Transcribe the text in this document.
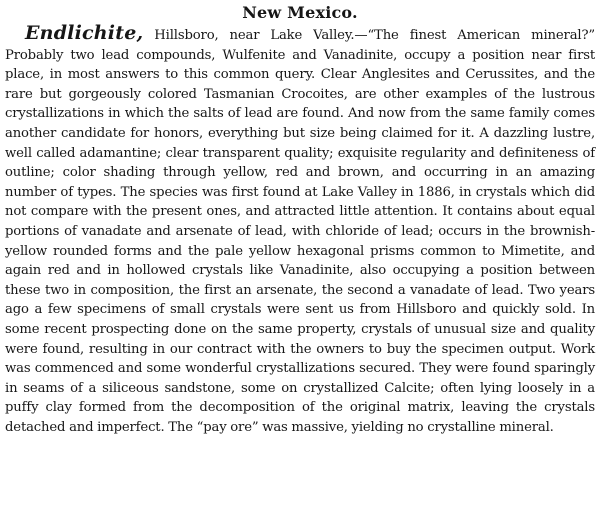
New Mexico.

Endlichite, Hillsboro, near Lake Valley.—“The finest American mineral?” Probably two lead compounds, Wulfenite and Vanadinite, occupy a position near first place, in most answers to this common query. Clear Anglesites and Cerussites, and the rare but gorgeously colored Tasmanian Crocoites, are other examples of the lustrous crystallizations in which the salts of lead are found. And now from the same family comes another candidate for honors, everything but size being claimed for it. A dazzling lustre, well called adamantine; clear transparent quality; exquisite regularity and definiteness of outline; color shading through yellow, red and brown, and occurring in an amazing number of types. The species was first found at Lake Valley in 1886, in crystals which did not compare with the present ones, and attracted little attention. It contains about equal portions of vanadate and arsenate of lead, with chloride of lead; occurs in the brownish-yellow rounded forms and the pale yellow hexagonal prisms common to Mimetite, and again red and in hollowed crystals like Vanadinite, also occupying a position between these two in composition, the first an arsenate, the second a vanadate of lead. Two years ago a few specimens of small crystals were sent us from Hillsboro and quickly sold. In some recent prospecting done on the same property, crystals of unusual size and quality were found, resulting in our contract with the owners to buy the specimen output. Work was commenced and some wonderful crystallizations secured. They were found sparingly in seams of a siliceous sandstone, some on crystallized Calcite; often lying loosely in a puffy clay formed from the decomposition of the original matrix, leaving the crystals detached and imperfect. The “pay ore” was massive, yielding no crystalline mineral.
